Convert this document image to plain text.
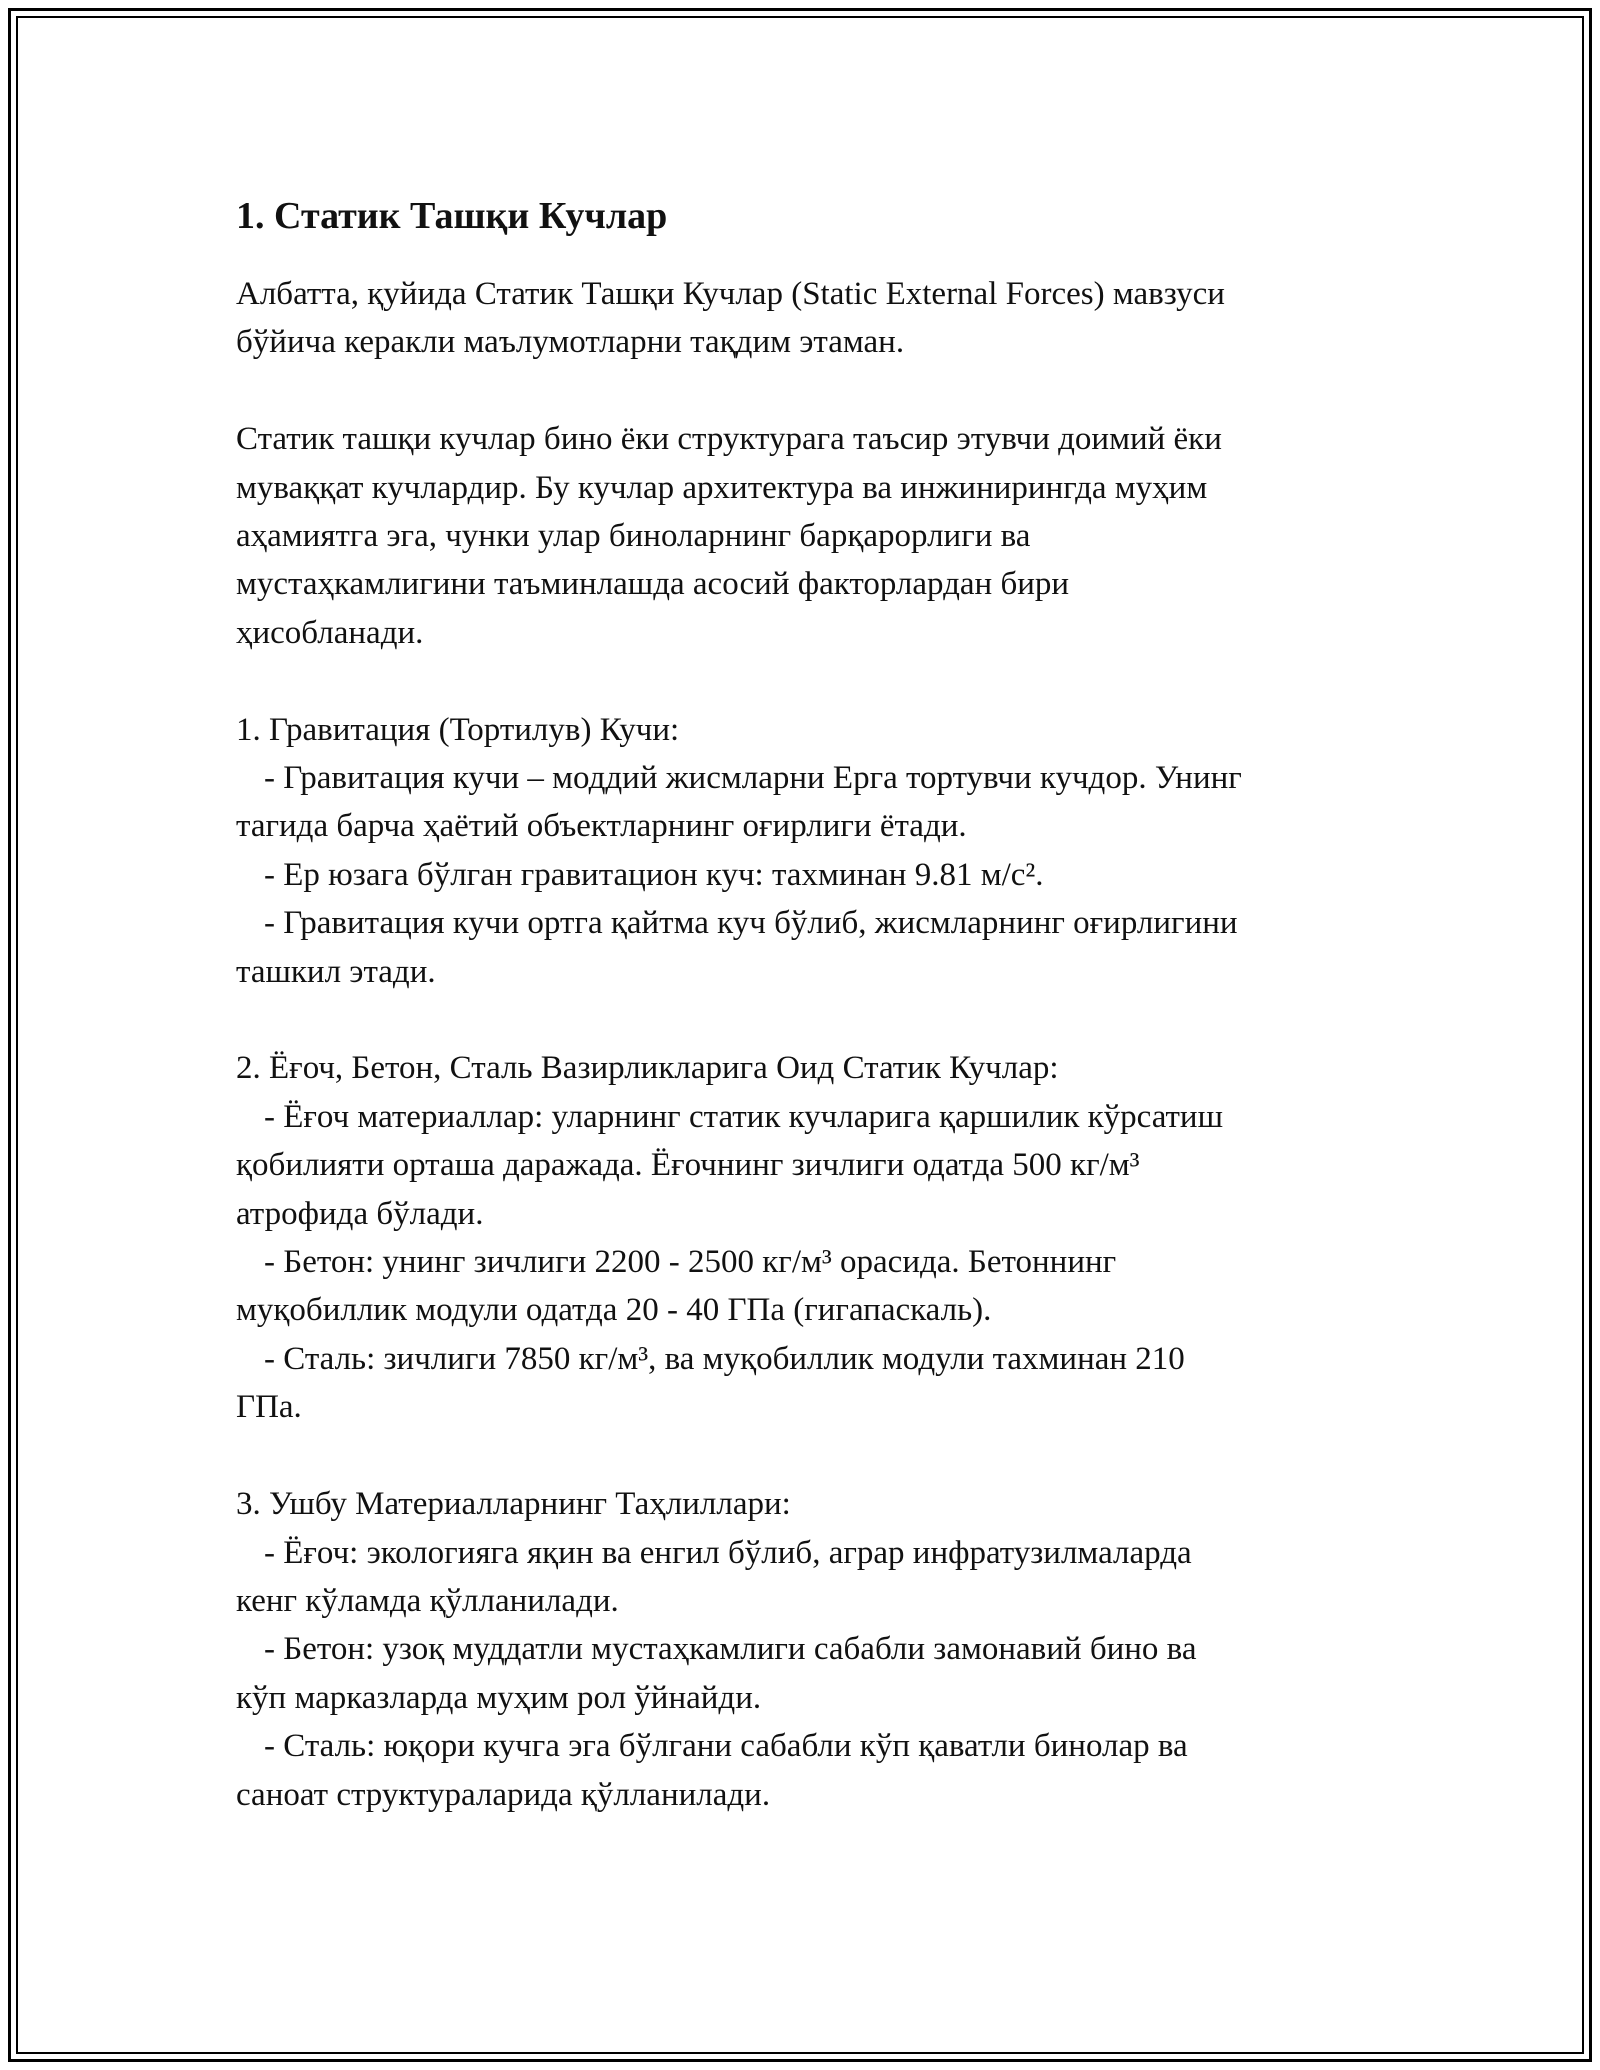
1. Статик Ташқи Кучлар
Албатта, қуйида Статик Ташқи Кучлар (Static External Forces) мавзуси
бўйича керакли маълумотларни тақдим этаман.
Статик ташқи кучлар бино ёки структурага таъсир этувчи доимий ёки
муваққат кучлардир. Бу кучлар архитектура ва инжинирингда муҳим
аҳамиятга эга, чунки улар биноларнинг барқарорлиги ва
мустаҳкамлигини таъминлашда асосий факторлардан бири
ҳисобланади.
1. Гравитация (Тортилув) Кучи:
- Гравитация кучи – моддий жисмларни Ерга тортувчи кучдор. Унинг
тагида барча ҳаётий объектларнинг оғирлиги ётади.
- Ер юзага бўлган гравитацион куч: тахминан 9.81 м/с².
- Гравитация кучи ортга қайтма куч бўлиб, жисмларнинг оғирлигини
ташкил этади.
2. Ёғоч, Бетон, Сталь Вазирликларига Оид Статик Кучлар:
- Ёғоч материаллар: уларнинг статик кучларига қаршилик кўрсатиш
қобилияти орташа даражада. Ёғочнинг зичлиги одатда 500 кг/м³
атрофида бўлади.
- Бетон: унинг зичлиги 2200 - 2500 кг/м³ орасида. Бетоннинг
муқобиллик модули одатда 20 - 40 ГПа (гигапаскаль).
- Сталь: зичлиги 7850 кг/м³, ва муқобиллик модули тахминан 210
ГПа.
3. Ушбу Материалларнинг Таҳлиллари:
- Ёғоч: экологияга яқин ва енгил бўлиб, аграр инфратузилмаларда
кенг кўламда қўлланилади.
- Бетон: узоқ муддатли мустаҳкамлиги сабабли замонавий бино ва
кўп марказларда муҳим рол ўйнайди.
- Сталь: юқори кучга эга бўлгани сабабли кўп қаватли бинолар ва
саноат структураларида қўлланилади.
